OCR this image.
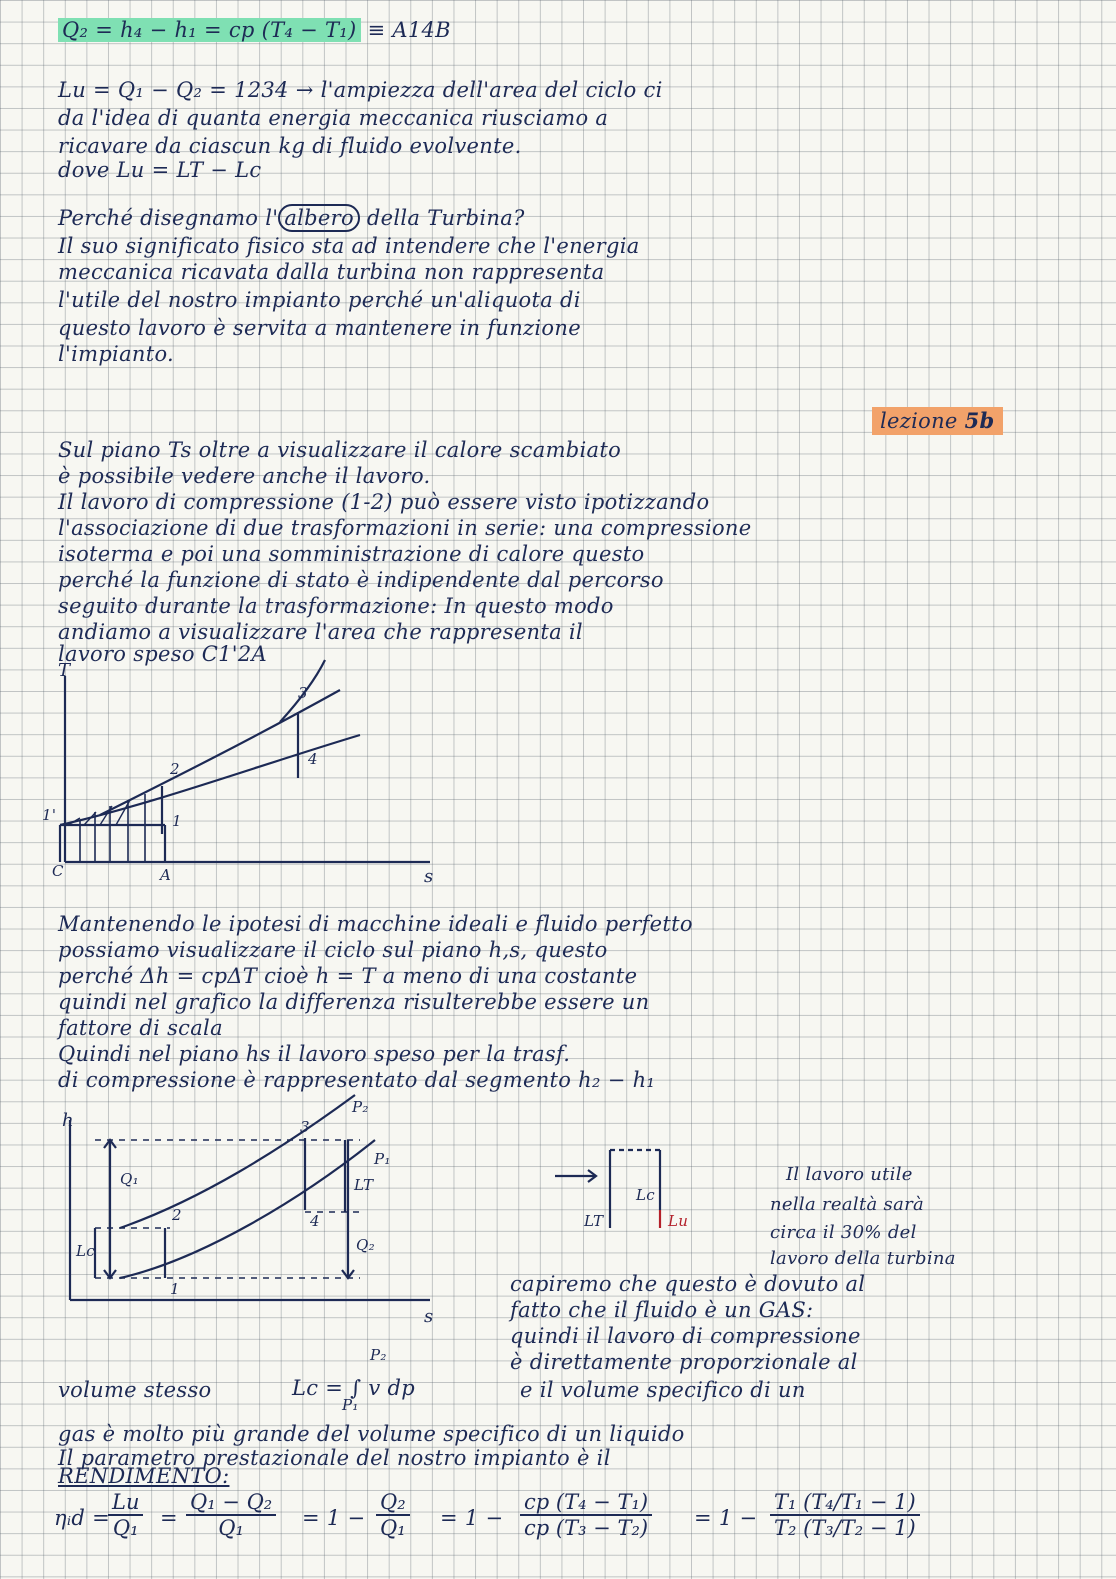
Q₂ = h₄ − h₁ = cp (T₄ − T₁) ≡ A14B
Lu = Q₁ − Q₂ = 1234 → l'ampiezza dell'area del ciclo ci
da l'idea di quanta energia meccanica riusciamo a
ricavare da ciascun kg di fluido evolvente.
dove Lu = LT − Lc
Perché disegnamo l' albero della Turbina?
Il suo significato fisico sta ad intendere che l'energia
meccanica ricavata dalla turbina non rappresenta
l'utile del nostro impianto perché un'aliquota di
questo lavoro è servita a mantenere in funzione
l'impianto.
lezione 5b
Sul piano Ts oltre a visualizzare il calore scambiato
è possibile vedere anche il lavoro.
Il lavoro di compressione (1-2) può essere visto ipotizzando
l'associazione di due trasformazioni in serie: una compressione
isoterma e poi una somministrazione di calore questo
perché la funzione di stato è indipendente dal percorso
seguito durante la trasformazione: In questo modo
andiamo a visualizzare l'area che rappresenta il
lavoro speso C1'2A
T
s
3
4
2
1
1'
C	A
Mantenendo le ipotesi di macchine ideali e fluido perfetto
possiamo visualizzare il ciclo sul piano h,s, questo
perché Δh = cpΔT cioè h = T a meno di una costante
quindi nel grafico la differenza risulterebbe essere un
fattore di scala
Quindi nel piano hs il lavoro speso per la trasf.
di compressione è rappresentato dal segmento h₂ − h₁
h
s
P₂
P₁
Q₁
Q₂
LT
Lc
1
2
3
4
Lc
LT	Lu
Il lavoro utile
nella realtà sarà
circa il 30% del
lavoro della turbina
capiremo che questo è dovuto al
fatto che il fluido è un GAS:
quindi il lavoro di compressione
è direttamente proporzionale al
volume stesso	Lc = ∫ v dp
P₂
P₁
e il volume specifico di un
gas è molto più grande del volume specifico di un liquido
Il parametro prestazionale del nostro impianto è il
RENDIMENTO:
ηᵢd =
$\frac{Lu}{\text{Q₁}} = \frac{\text{Q₁ − Q₂}}{\text{Q₁}} = 1 - \frac{\text{Q₂}}{\text{Q₁}} = 1 - \frac{\text{cp (T₄ − T₁)}}{\text{cp (T₃ − T₂)}} = 1 - \frac{\text{T₁ (T₄/T₁ − 1)}}{\text{T₂ (T₃/T₂ − 1)}}$
